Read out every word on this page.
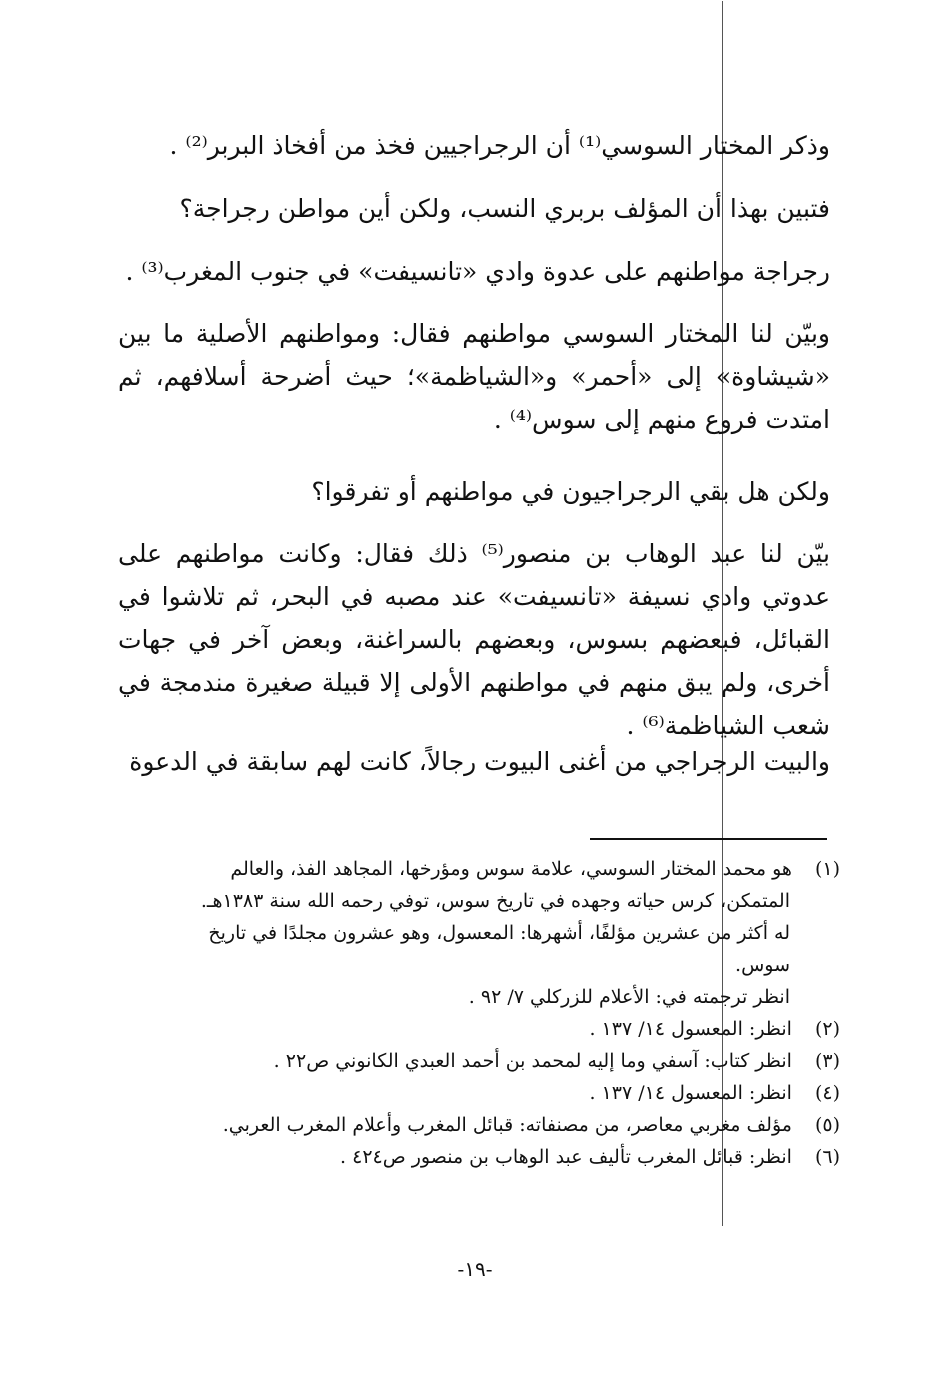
وذكر المختار السوسي⁽¹⁾ أن الرجراجيين فخذ من أفخاذ البربر⁽²⁾ .

فتبين بهذا أن المؤلف بربري النسب، ولكن أين مواطن رجراجة؟

رجراجة مواطنهم على عدوة وادي «تانسيفت» في جنوب المغرب⁽³⁾ .

وبيّن لنا المختار السوسي مواطنهم فقال: ومواطنهم الأصلية ما بين «شيشاوة» إلى «أحمر» و«الشياظمة»؛ حيث أضرحة أسلافهم، ثم امتدت فروع منهم إلى سوس⁽⁴⁾ .

ولكن هل بقي الرجراجيون في مواطنهم أو تفرقوا؟

بيّن لنا عبد الوهاب بن منصور⁽⁵⁾ ذلك فقال: وكانت مواطنهم على عدوتي وادي نسيفة «تانسيفت» عند مصبه في البحر، ثم تلاشوا في القبائل، فبعضهم بسوس، وبعضهم بالسراغنة، وبعض آخر في جهات أخرى، ولم يبق منهم في مواطنهم الأولى إلا قبيلة صغيرة مندمجة في شعب الشياظمة⁽⁶⁾ .

والبيت الرجراجي من أغنى البيوت رجالاً، كانت لهم سابقة في الدعوة

(١) هو محمد المختار السوسي، علامة سوس ومؤرخها، المجاهد الفذ، والعالم

المتمكن، كرس حياته وجهده في تاريخ سوس، توفي رحمه الله سنة ١٣٨٣هـ.

له أكثر من عشرين مؤلفًا، أشهرها: المعسول، وهو عشرون مجلدًا في تاريخ سوس.

انظر ترجمته في: الأعلام للزركلي ٧/ ٩٢ .

(٢) انظر: المعسول ١٤/ ١٣٧ .

(٣) انظر كتاب: آسفي وما إليه لمحمد بن أحمد العبدي الكانوني ص٢٢ .

(٤) انظر: المعسول ١٤/ ١٣٧ .

(٥) مؤلف مغربي معاصر، من مصنفاته: قبائل المغرب وأعلام المغرب العربي.

(٦) انظر: قبائل المغرب تأليف عبد الوهاب بن منصور ص٤٢٤ .

-١٩-
